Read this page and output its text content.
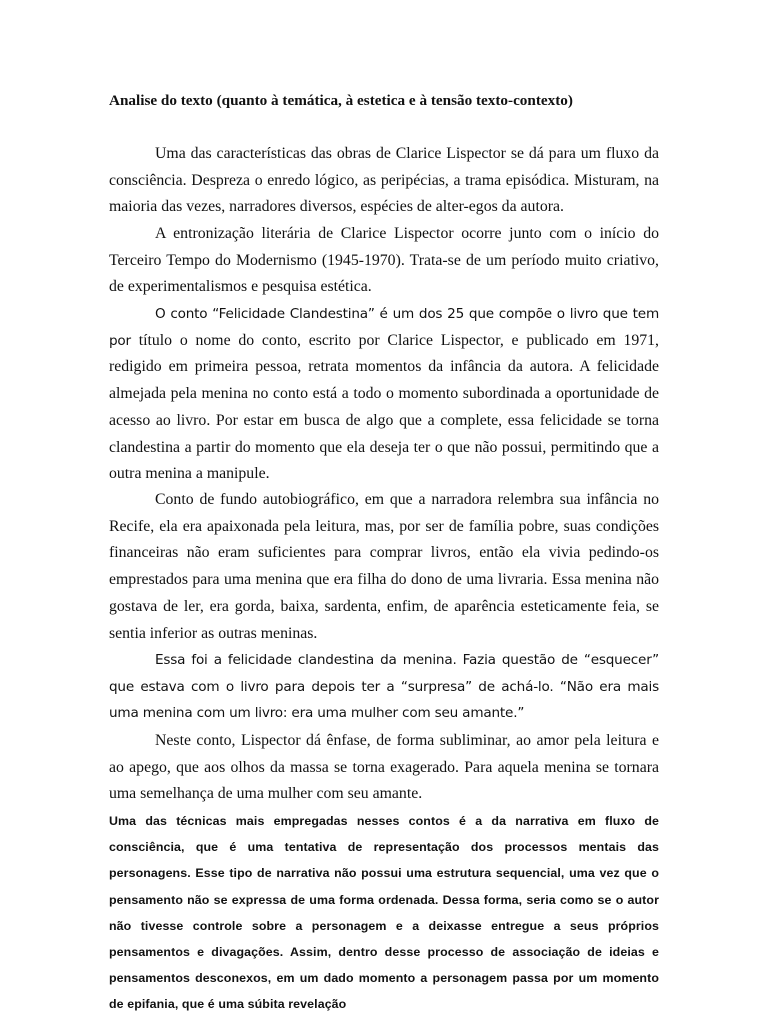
Analise do texto (quanto à temática, à estetica e à tensão texto-contexto)

Uma das características das obras de Clarice Lispector se dá para um fluxo da consciência. Despreza o enredo lógico, as peripécias, a trama episódica. Misturam, na maioria das vezes, narradores diversos, espécies de alter-egos da autora.

A entronização literária de Clarice Lispector ocorre junto com o início do Terceiro Tempo do Modernismo (1945-1970). Trata-se de um período muito criativo, de experimentalismos e pesquisa estética.

O conto “Felicidade Clandestina” é um dos 25 que compõe o livro que tem por título o nome do conto, escrito por Clarice Lispector, e publicado em 1971, redigido em primeira pessoa, retrata momentos da infância da autora. A felicidade almejada pela menina no conto está a todo o momento subordinada a oportunidade de acesso ao livro. Por estar em busca de algo que a complete, essa felicidade se torna clandestina a partir do momento que ela deseja ter o que não possui, permitindo que a outra menina a manipule.

Conto de fundo autobiográfico, em que a narradora relembra sua infância no Recife, ela era apaixonada pela leitura, mas, por ser de família pobre, suas condições financeiras não eram suficientes para comprar livros, então ela vivia pedindo-os emprestados para uma menina que era filha do dono de uma livraria. Essa menina não gostava de ler, era gorda, baixa, sardenta, enfim, de aparência esteticamente feia, se sentia inferior as outras meninas.

Essa foi a felicidade clandestina da menina. Fazia questão de “esquecer” que estava com o livro para depois ter a “surpresa” de achá-lo. “Não era mais uma menina com um livro: era uma mulher com seu amante.”

Neste conto, Lispector dá ênfase, de forma subliminar, ao amor pela leitura e ao apego, que aos olhos da massa se torna exagerado. Para aquela menina se tornara uma semelhança de uma mulher com seu amante.

Uma das técnicas mais empregadas nesses contos é a da narrativa em fluxo de consciência, que é uma tentativa de representação dos processos mentais das personagens. Esse tipo de narrativa não possui uma estrutura sequencial, uma vez que o pensamento não se expressa de uma forma ordenada. Dessa forma, seria como se o autor não tivesse controle sobre a personagem e a deixasse entregue a seus próprios pensamentos e divagações. Assim, dentro desse processo de associação de ideias e pensamentos desconexos, em um dado momento a personagem passa por um momento de epifania, que é uma súbita revelação
